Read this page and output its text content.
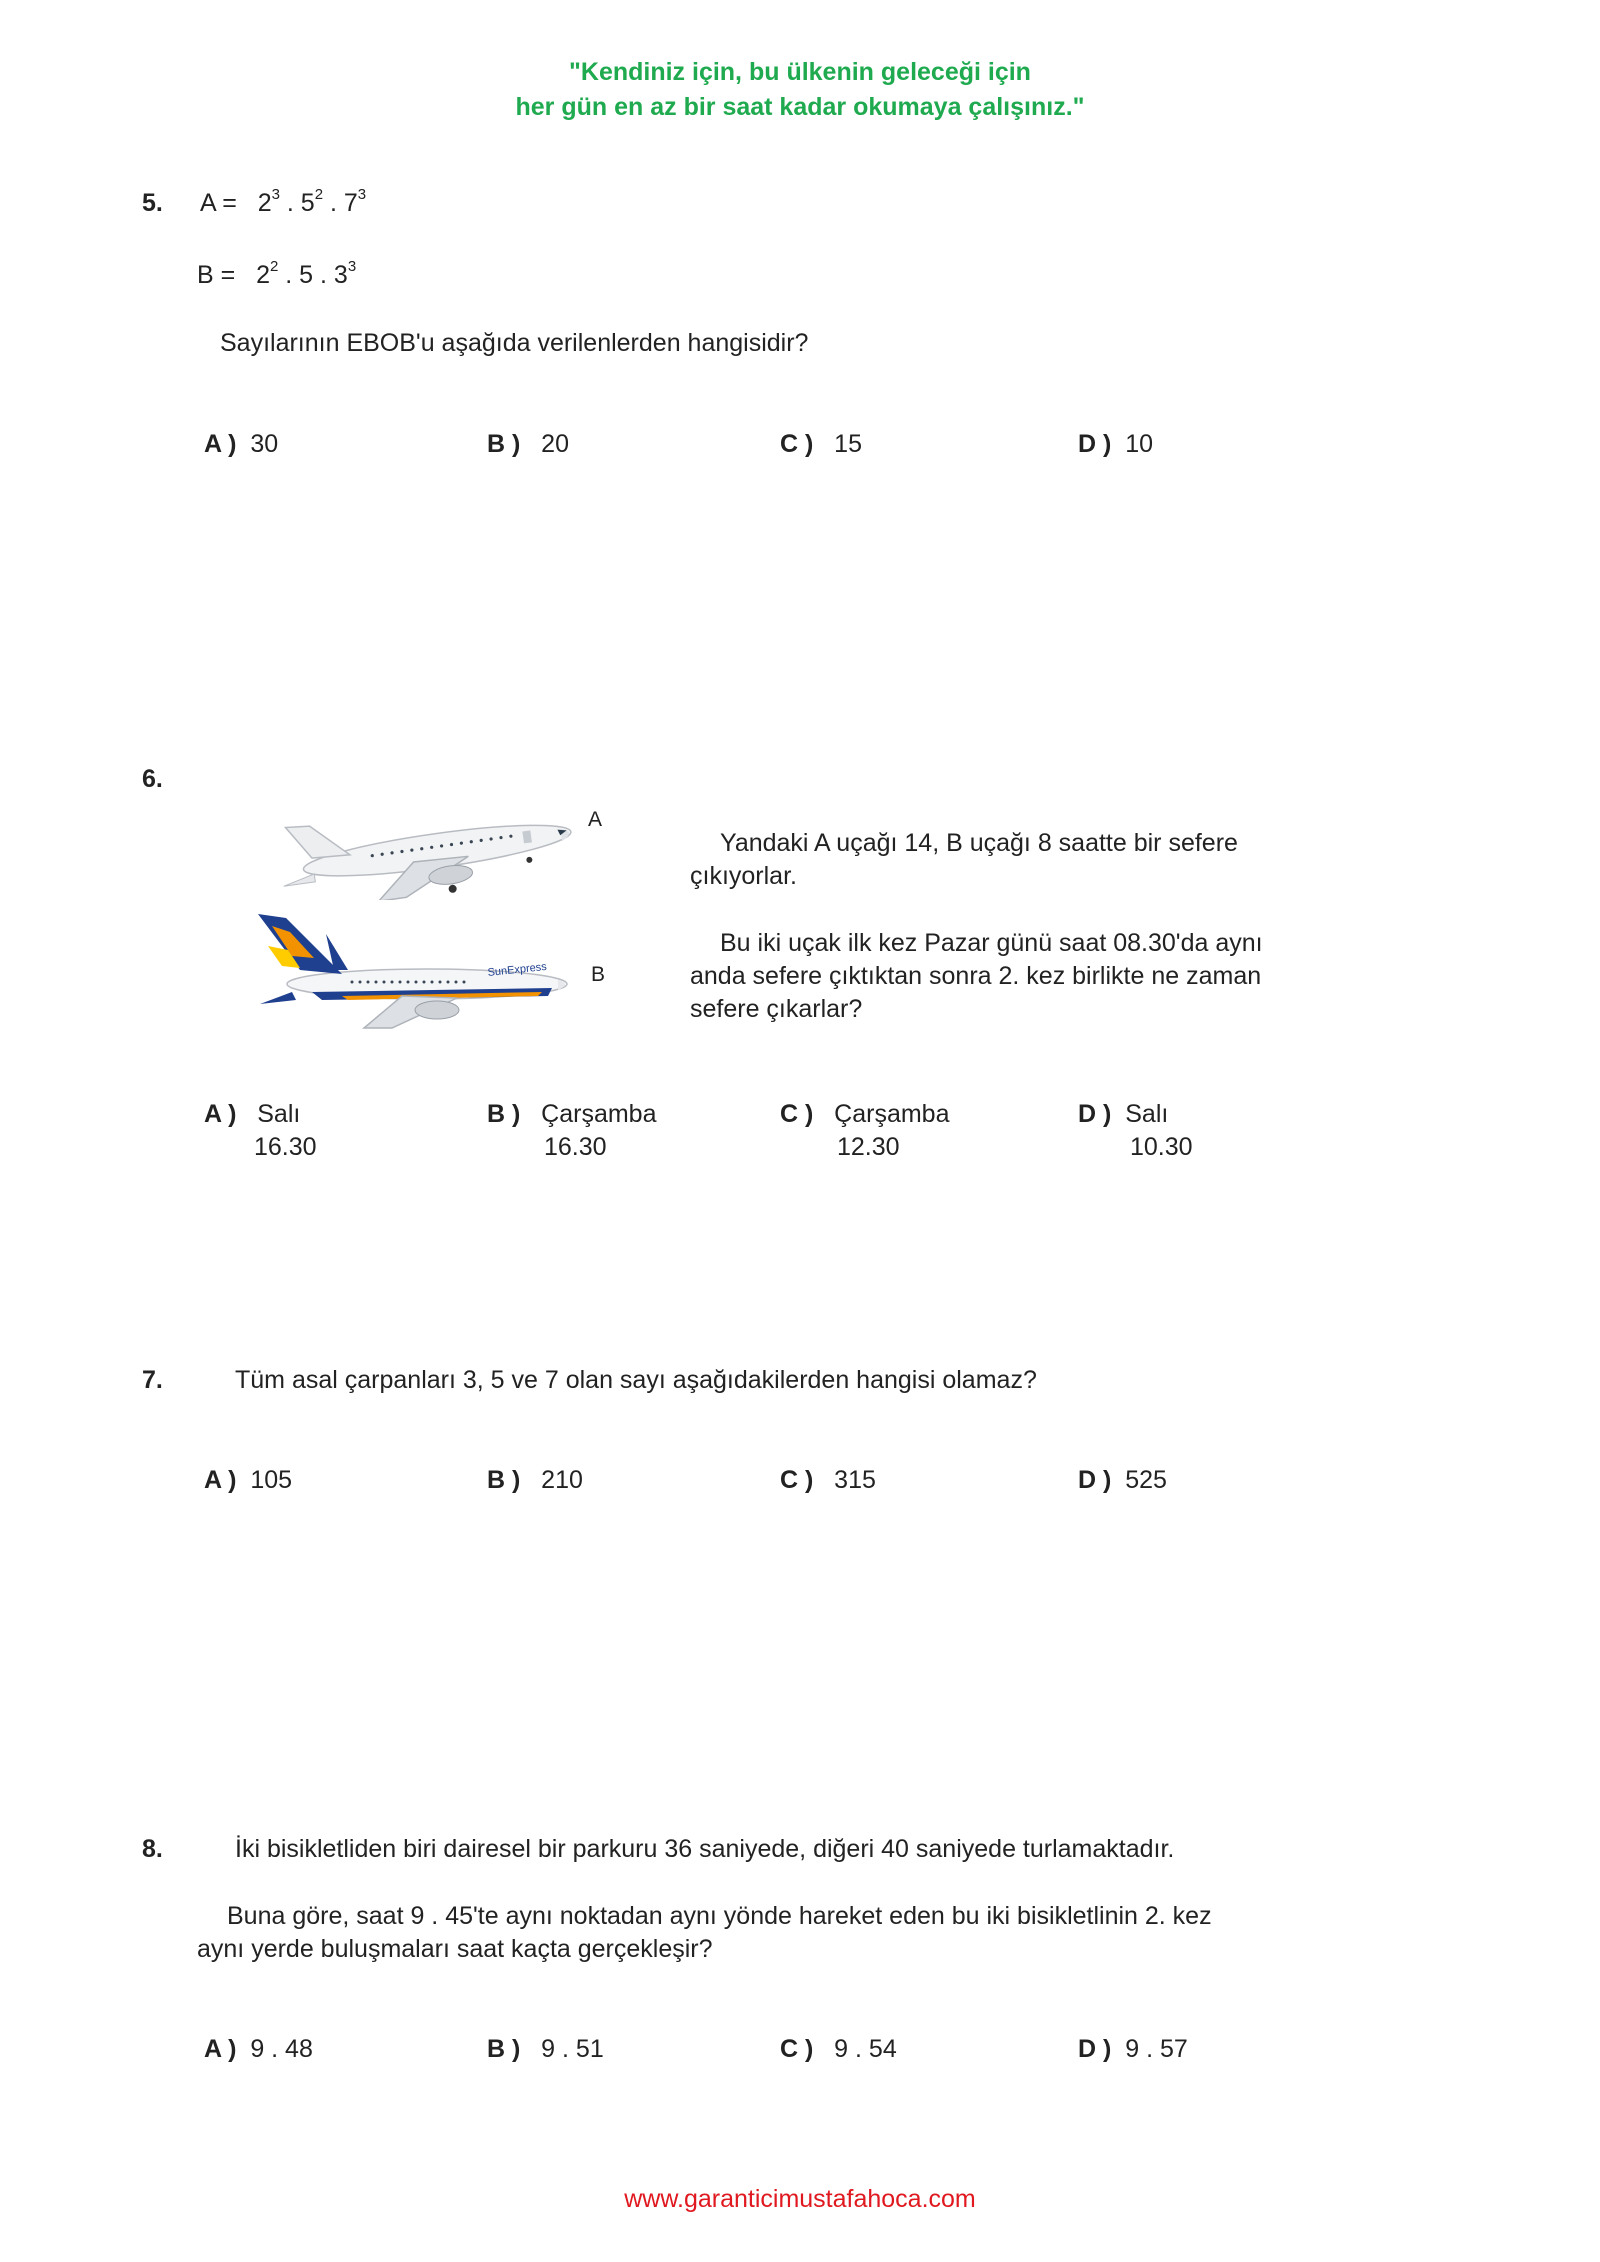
"Kendiniz için, bu ülkenin geleceği için
her gün en az bir saat kadar okumaya çalışınız."
5. $A = 2^3$ . $5^2$ . $7^3$
$B = 2^2$ . 5 . $3^3$
Sayılarının EBOB'u aşağıda verilenlerden hangisidir?
A ) 30	B ) 20	C ) 15	D ) 10
6.
A
SunExpress B
Yandaki A uçağı 14, B uçağı 8 saatte bir sefere çıkıyorlar.
Bu iki uçak ilk kez Pazar günü saat 08.30'da aynı anda sefere çıktıktan sonra 2. kez birlikte ne zaman sefere çıkarlar?
A ) Salı
16.30
B ) Çarşamba
16.30
C ) Çarşamba
12.30
D ) Salı
10.30
7.	Tüm asal çarpanları 3, 5 ve 7 olan sayı aşağıdakilerden hangisi olamaz?
A ) 105	B ) 210	C ) 315	D ) 525
8.	İki bisikletliden biri dairesel bir parkuru 36 saniyede, diğeri 40 saniyede turlamaktadır.
Buna göre, saat 9 . 45'te aynı noktadan aynı yönde hareket eden bu iki bisikletlinin 2. kez
aynı yerde buluşmaları saat kaçta gerçekleşir?
A ) 9 . 48	B ) 9 . 51	C ) 9 . 54	D ) 9 . 57
www.garanticimustafahoca.com
